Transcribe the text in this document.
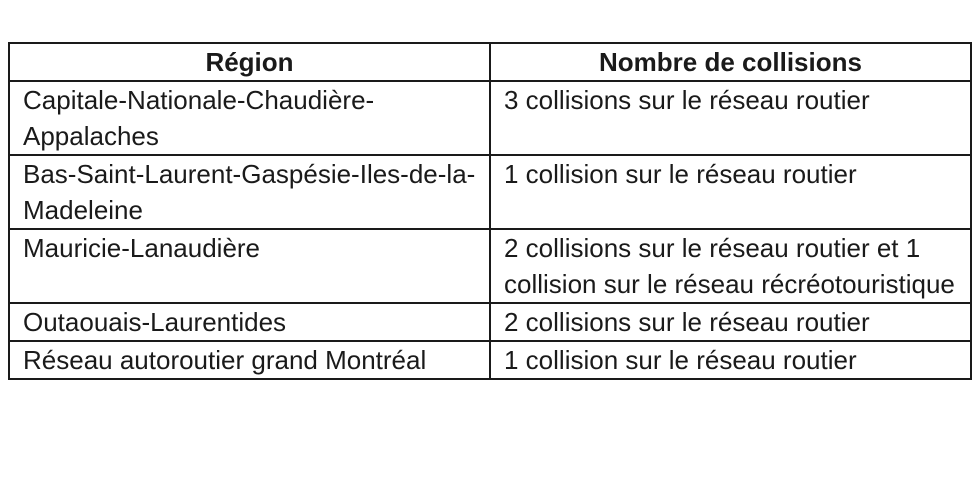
Région	Nombre de collisions
Capitale-Nationale-Chaudière-Appalaches	3 collisions sur le réseau routier
Bas-Saint-Laurent-Gaspésie-Iles-de-la-Madeleine	1 collision sur le réseau routier
Mauricie-Lanaudière	2 collisions sur le réseau routier et 1 collision sur le réseau récréotouristique
Outaouais-Laurentides	2 collisions sur le réseau routier
Réseau autoroutier grand Montréal	1 collision sur le réseau routier
